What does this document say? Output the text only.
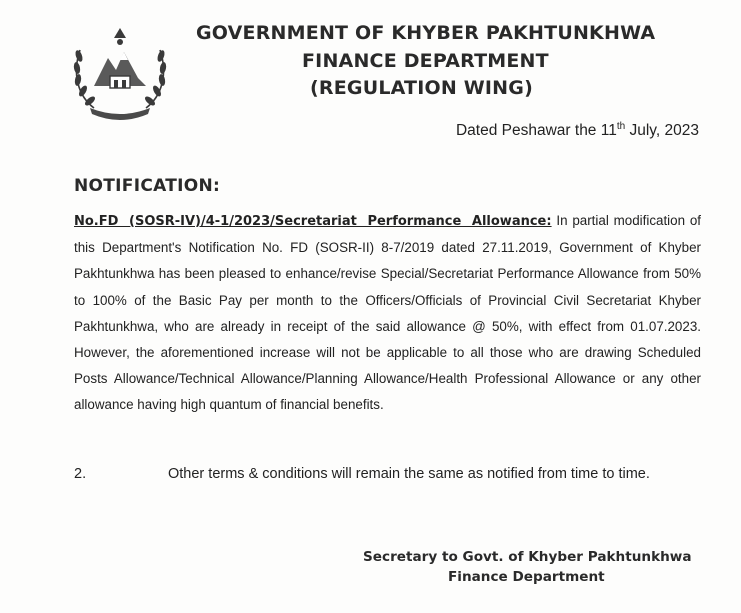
GOVERNMENT OF KHYBER PAKHTUNKHWA
FINANCE DEPARTMENT
(REGULATION WING)
Dated Peshawar the 11th July, 2023
NOTIFICATION:
No.FD (SOSR-IV)/4-1/2023/Secretariat Performance Allowance: In partial modification of this Department's Notification No. FD (SOSR-II) 8-7/2019 dated 27.11.2019, Government of Khyber Pakhtunkhwa has been pleased to enhance/revise Special/Secretariat Performance Allowance from 50% to 100% of the Basic Pay per month to the Officers/Officials of Provincial Civil Secretariat Khyber Pakhtunkhwa, who are already in receipt of the said allowance @ 50%, with effect from 01.07.2023. However, the aforementioned increase will not be applicable to all those who are drawing Scheduled Posts Allowance/Technical Allowance/Planning Allowance/Health Professional Allowance or any other allowance having high quantum of financial benefits.
2.	Other terms & conditions will remain the same as notified from time to time.
Secretary to Govt. of Khyber Pakhtunkhwa
Finance Department
